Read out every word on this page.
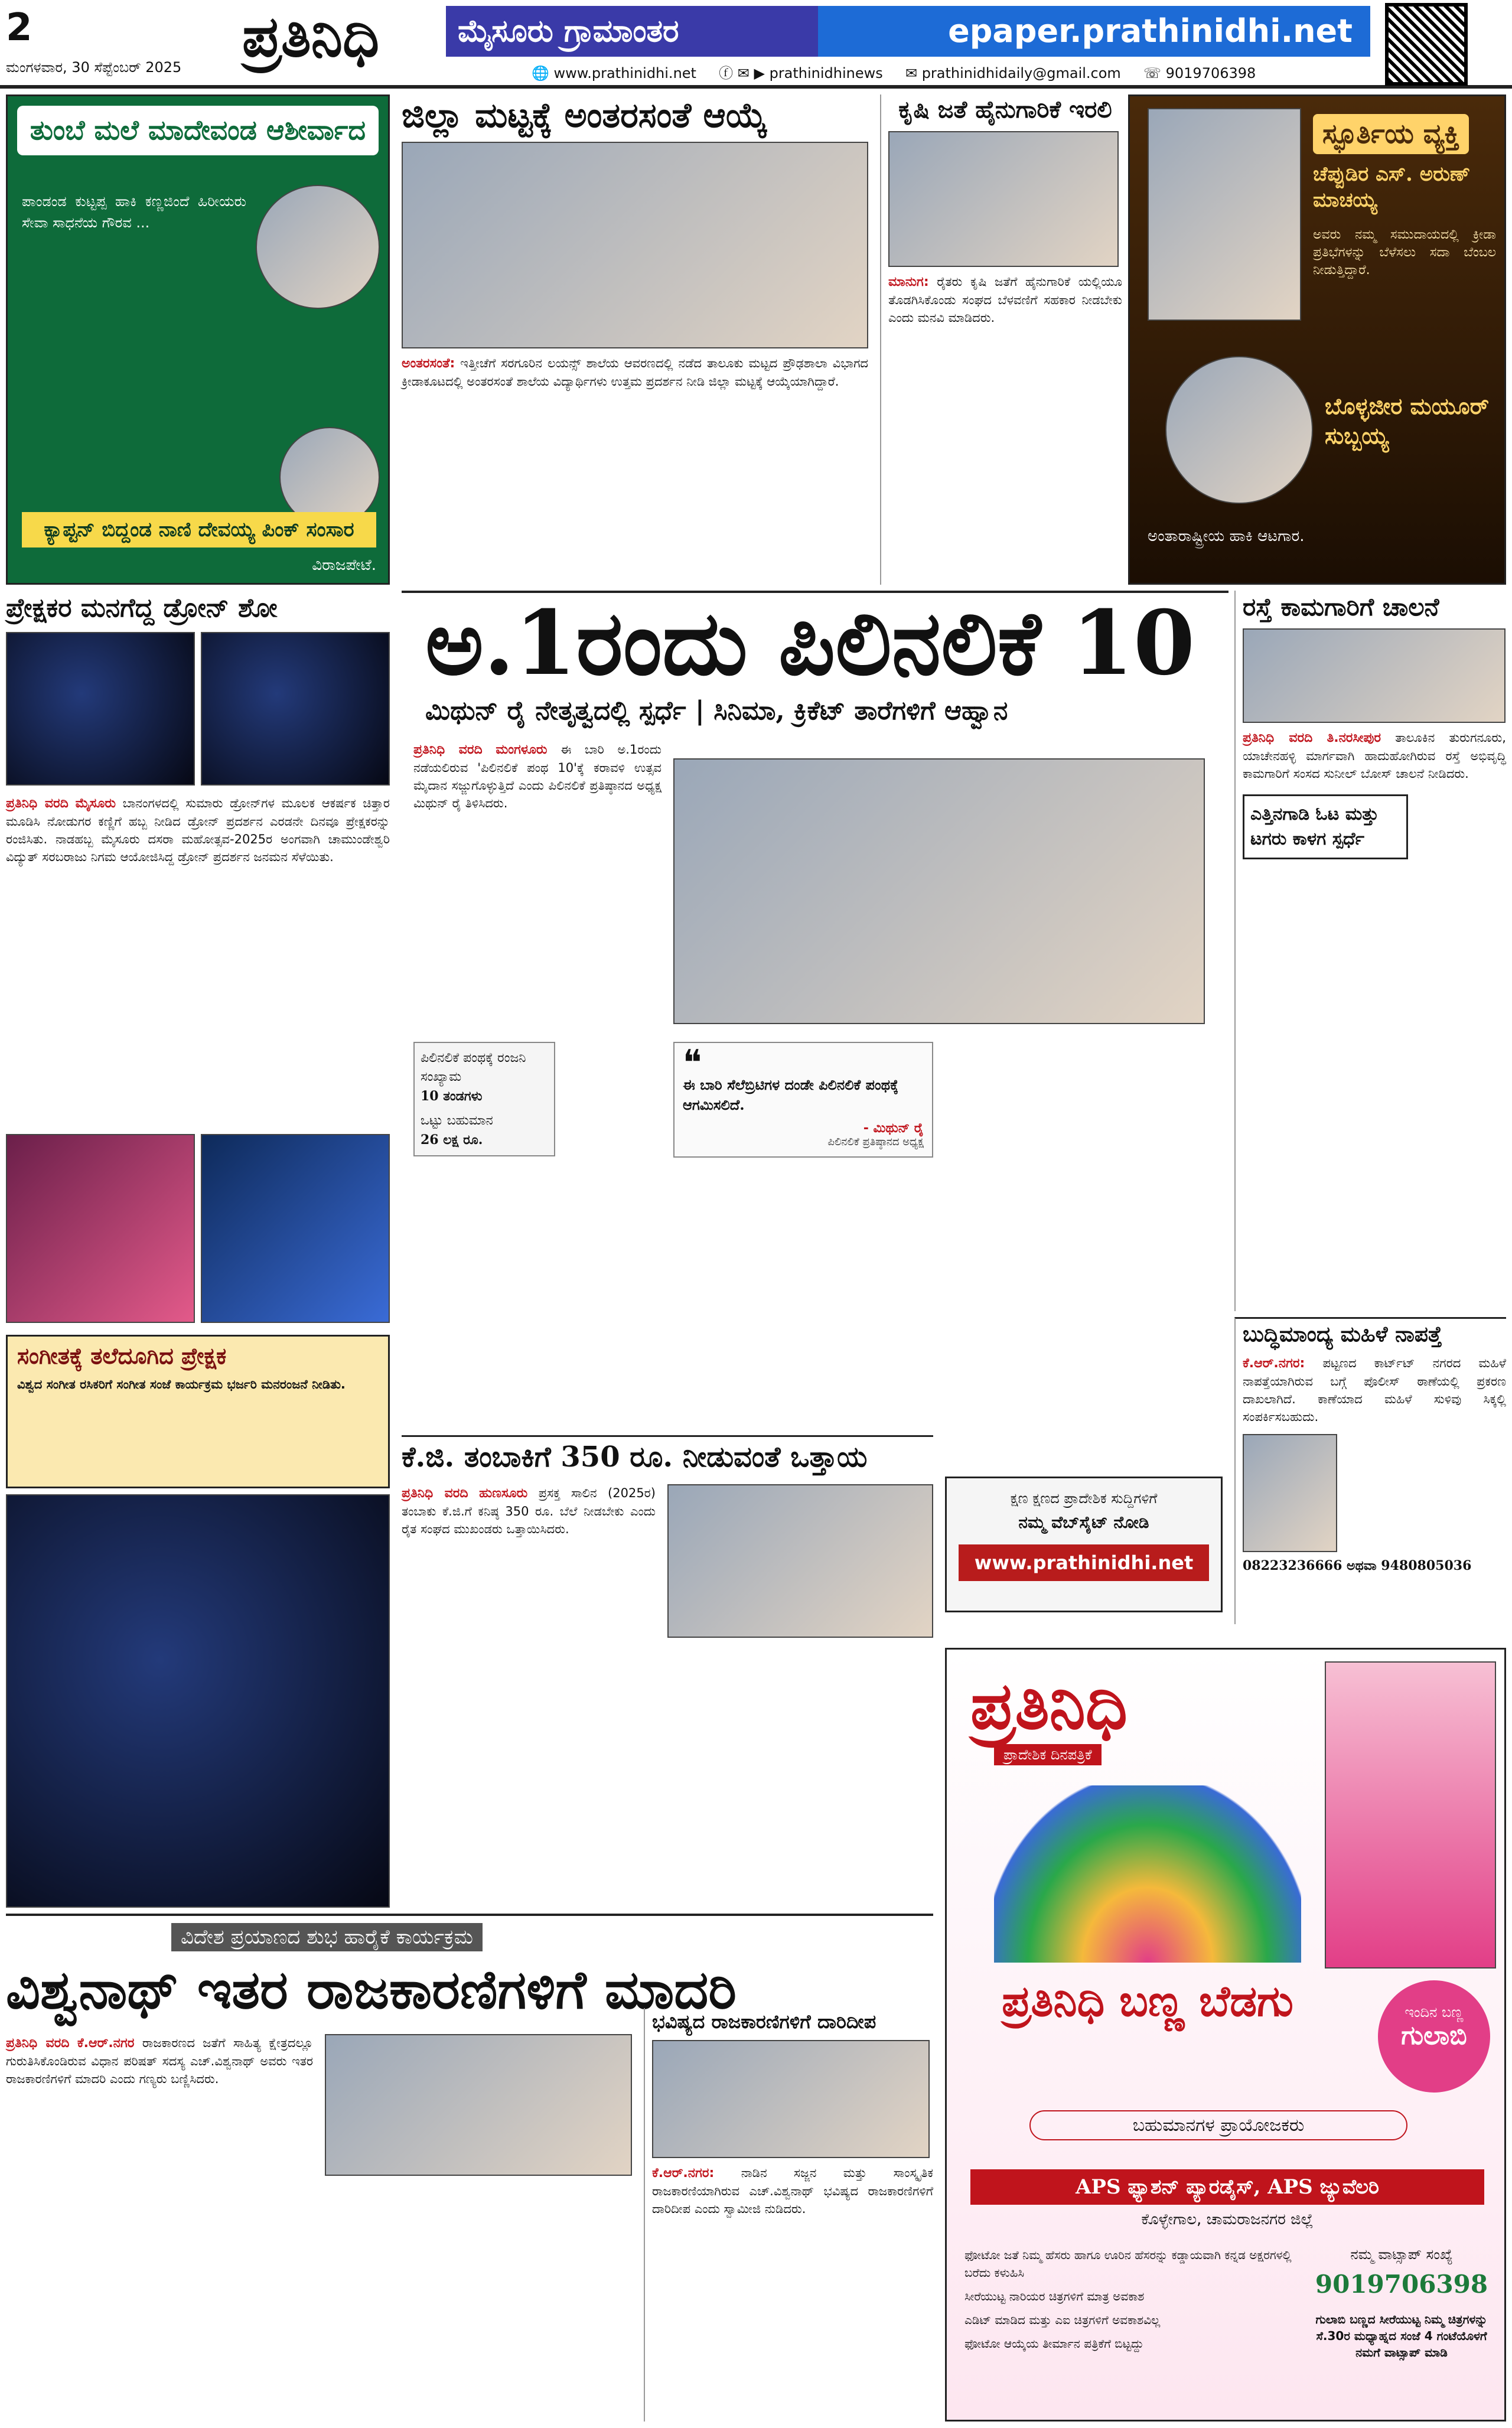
2	ಪ್ರತಿನಿಧಿ	ಮೈಸೂರು ಗ್ರಾಮಾಂತರ	epaper.prathinidhi.net
ಮಂಗಳವಾರ, 30 ಸೆಪ್ಟೆಂಬರ್ 2025	🌐 www.prathinidhi.net ⓕ ✉ ▶ prathinidhinews ✉ prathinidhidaily@gmail.com ☏ 9019706398
ತುಂಬೆ ಮಲೆ ಮಾದೇವಂಡ ಆಶೀರ್ವಾದ
ಪಾಂಡಂಡ ಕುಟ್ಟಪ್ಪ ಹಾಕಿ ಕಣ್ಣಜಿಂದೆ ಹಿರೀಯರು ಸೇವಾ ಸಾಧನೆಯ ಗೌರವ ...
ಕ್ಯಾಪ್ಟನ್ ಬಿದ್ದಂಡ ನಾಣಿ ದೇವಯ್ಯ ಪಿಂಕ್ ಸಂಸಾರ
ವಿರಾಜಪೇಟೆ.
ಜಿಲ್ಲಾ ಮಟ್ಟಕ್ಕೆ ಅಂತರಸಂತೆ ಆಯ್ಕೆ
ಅಂತರಸಂತೆ: ಇತ್ತೀಚೆಗೆ ಸರಗೂರಿನ ಲಯನ್ಸ್ ಶಾಲೆಯ ಆವರಣದಲ್ಲಿ ನಡೆದ ತಾಲೂಕು ಮಟ್ಟದ ಪ್ರೌಢಶಾಲಾ ವಿಭಾಗದ ಕ್ರೀಡಾಕೂಟದಲ್ಲಿ ಅಂತರಸಂತೆ ಶಾಲೆಯ ವಿದ್ಯಾರ್ಥಿಗಳು ಉತ್ತಮ ಪ್ರದರ್ಶನ ನೀಡಿ ಜಿಲ್ಲಾ ಮಟ್ಟಕ್ಕೆ ಆಯ್ಕೆಯಾಗಿದ್ದಾರೆ.
ಕೃಷಿ ಜತೆ ಹೈನುಗಾರಿಕೆ ಇರಲಿ
ಮಾನುಗ: ರೈತರು ಕೃಷಿ ಜತೆಗೆ ಹೈನುಗಾರಿಕೆ ಯಲ್ಲಿಯೂ ತೊಡಗಿಸಿಕೊಂಡು ಸಂಘದ ಬೆಳವಣಿಗೆ ಸಹಕಾರ ನೀಡಬೇಕು ಎಂದು ಮನವಿ ಮಾಡಿದರು.
ಸ್ಫೂರ್ತಿಯ ವ್ಯಕ್ತಿ
ಚೆಪ್ಪುಡಿರ ಎಸ್. ಅರುಣ್ ಮಾಚಯ್ಯ
ಅವರು ನಮ್ಮ ಸಮುದಾಯದಲ್ಲಿ ಕ್ರೀಡಾ ಪ್ರತಿಭೆಗಳನ್ನು ಬೆಳೆಸಲು ಸದಾ ಬೆಂಬಲ ನೀಡುತ್ತಿದ್ದಾರೆ.
ಬೊಳ್ಳಜೀರ ಮಯೂರ್ ಸುಬ್ಬಯ್ಯ
ಅಂತಾರಾಷ್ಟ್ರೀಯ ಹಾಕಿ ಆಟಗಾರ.
ಪ್ರೇಕ್ಷಕರ ಮನಗೆದ್ದ ಡ್ರೋನ್ ಶೋ
ಪ್ರತಿನಿಧಿ ವರದಿ ಮೈಸೂರು ಬಾನಂಗಳದಲ್ಲಿ ಸುಮಾರು ಡ್ರೋನ್‌ಗಳ ಮೂಲಕ ಆಕರ್ಷಕ ಚಿತ್ತಾರ ಮೂಡಿಸಿ ನೋಡುಗರ ಕಣ್ಣಿಗೆ ಹಬ್ಬ ನೀಡಿದ ಡ್ರೋನ್ ಪ್ರದರ್ಶನ ಎರಡನೇ ದಿನವೂ ಪ್ರೇಕ್ಷಕರನ್ನು ರಂಜಿಸಿತು. ನಾಡಹಬ್ಬ ಮೈಸೂರು ದಸರಾ ಮಹೋತ್ಸವ-2025ರ ಅಂಗವಾಗಿ ಚಾಮುಂಡೇಶ್ವರಿ ವಿದ್ಯುತ್ ಸರಬರಾಜು ನಿಗಮ ಆಯೋಜಿಸಿದ್ದ ಡ್ರೋನ್ ಪ್ರದರ್ಶನ ಜನಮನ ಸೆಳೆಯಿತು.
ಸಂಗೀತಕ್ಕೆ ತಲೆದೂಗಿದ ಪ್ರೇಕ್ಷಕ
ವಿಶ್ವದ ಸಂಗೀತ ರಸಿಕರಿಗೆ ಸಂಗೀತ ಸಂಜೆ ಕಾರ್ಯಕ್ರಮ ಭರ್ಜರಿ ಮನರಂಜನೆ ನೀಡಿತು.
ಅ.1ರಂದು ಪಿಲಿನಲಿಕೆ 10
ಮಿಥುನ್ ರೈ ನೇತೃತ್ವದಲ್ಲಿ ಸ್ಪರ್ಧೆ | ಸಿನಿಮಾ, ಕ್ರಿಕೆಟ್ ತಾರೆಗಳಿಗೆ ಆಹ್ವಾನ
ಪ್ರತಿನಿಧಿ ವರದಿ ಮಂಗಳೂರು ಈ ಬಾರಿ ಅ.1ರಂದು ನಡೆಯಲಿರುವ 'ಪಿಲಿನಲಿಕೆ ಪಂಥ 10'ಕ್ಕೆ ಕರಾವಳಿ ಉತ್ಸವ ಮೈದಾನ ಸಜ್ಜುಗೊಳ್ಳುತ್ತಿದೆ ಎಂದು ಪಿಲಿನಲಿಕೆ ಪ್ರತಿಷ್ಠಾನದ ಅಧ್ಯಕ್ಷ ಮಿಥುನ್ ರೈ ತಿಳಿಸಿದರು.
ಪಿಲಿನಲಿಕೆ ಪಂಥಕ್ಕೆ ರಂಜನಿ ಸಂಖ್ಯಾಮ
10 ತಂಡಗಳು
ಒಟ್ಟು ಬಹುಮಾನ
26 ಲಕ್ಷ ರೂ.
❝
ಈ ಬಾರಿ ಸೆಲೆಬ್ರಿಟಿಗಳ ದಂಡೇ ಪಿಲಿನಲಿಕೆ ಪಂಥಕ್ಕೆ ಆಗಮಿಸಲಿದೆ.
- ಮಿಥುನ್ ರೈ
ಪಿಲಿನಲಿಕೆ ಪ್ರತಿಷ್ಠಾನದ ಅಧ್ಯಕ್ಷ
ರಸ್ತೆ ಕಾಮಗಾರಿಗೆ ಚಾಲನೆ
ಪ್ರತಿನಿಧಿ ವರದಿ ತಿ.ನರಸೀಪುರ ತಾಲೂಕಿನ ತುರುಗನೂರು, ಯಾಚೇನಹಳ್ಳಿ ಮಾರ್ಗವಾಗಿ ಹಾದುಹೋಗಿರುವ ರಸ್ತೆ ಅಭಿವೃದ್ಧಿ ಕಾಮಗಾರಿಗೆ ಸಂಸದ ಸುನೀಲ್ ಬೋಸ್ ಚಾಲನೆ ನೀಡಿದರು.
ಎತ್ತಿನಗಾಡಿ ಓಟ ಮತ್ತು ಟಗರು ಕಾಳಗ ಸ್ಪರ್ಧೆ
ಬುದ್ಧಿಮಾಂದ್ಯ ಮಹಿಳೆ ನಾಪತ್ತೆ
ಕೆ.ಆರ್.ನಗರ: ಪಟ್ಟಣದ ಕಾರ್ಟ್‌ಟ್ ನಗರದ ಮಹಿಳೆ ನಾಪತ್ತೆಯಾಗಿರುವ ಬಗ್ಗೆ ಪೊಲೀಸ್ ಠಾಣೆಯಲ್ಲಿ ಪ್ರಕರಣ ದಾಖಲಾಗಿದೆ. ಕಾಣೆಯಾದ ಮಹಿಳೆ ಸುಳಿವು ಸಿಕ್ಕಲ್ಲಿ ಸಂಪರ್ಕಿಸಬಹುದು.
08223236666 ಅಥವಾ 9480805036
ಕೆ.ಜಿ. ತಂಬಾಕಿಗೆ 350 ರೂ. ನೀಡುವಂತೆ ಒತ್ತಾಯ
ಪ್ರತಿನಿಧಿ ವರದಿ ಹುಣಸೂರು ಪ್ರಸಕ್ತ ಸಾಲಿನ (2025ರ) ತಂಬಾಕು ಕೆ.ಜಿ.ಗೆ ಕನಿಷ್ಠ 350 ರೂ. ಬೆಲೆ ನೀಡಬೇಕು ಎಂದು ರೈತ ಸಂಘದ ಮುಖಂಡರು ಒತ್ತಾಯಿಸಿದರು.
ಕ್ಷಣ ಕ್ಷಣದ ಪ್ರಾದೇಶಿಕ ಸುದ್ದಿಗಳಿಗೆ
ನಮ್ಮ ವೆಬ್‌ಸೈಟ್ ನೋಡಿ
www.prathinidhi.net
ವಿದೇಶ ಪ್ರಯಾಣದ ಶುಭ ಹಾರೈಕೆ ಕಾರ್ಯಕ್ರಮ
ವಿಶ್ವನಾಥ್ ಇತರ ರಾಜಕಾರಣಿಗಳಿಗೆ ಮಾದರಿ
ಪ್ರತಿನಿಧಿ ವರದಿ ಕೆ.ಆರ್.ನಗರ ರಾಜಕಾರಣದ ಜತೆಗೆ ಸಾಹಿತ್ಯ ಕ್ಷೇತ್ರದಲ್ಲೂ ಗುರುತಿಸಿಕೊಂಡಿರುವ ವಿಧಾನ ಪರಿಷತ್ ಸದಸ್ಯ ಎಚ್.ವಿಶ್ವನಾಥ್ ಅವರು ಇತರ ರಾಜಕಾರಣಿಗಳಿಗೆ ಮಾದರಿ ಎಂದು ಗಣ್ಯರು ಬಣ್ಣಿಸಿದರು.
ಭವಿಷ್ಯದ ರಾಜಕಾರಣಿಗಳಿಗೆ ದಾರಿದೀಪ
ಕೆ.ಆರ್.ನಗರ: ನಾಡಿನ ಸಜ್ಜನ ಮತ್ತು ಸಾಂಸ್ಕೃತಿಕ ರಾಜಕಾರಣಿಯಾಗಿರುವ ಎಚ್.ವಿಶ್ವನಾಥ್ ಭವಿಷ್ಯದ ರಾಜಕಾರಣಿಗಳಿಗೆ ದಾರಿದೀಪ ಎಂದು ಸ್ವಾಮೀಜಿ ನುಡಿದರು.
ಪ್ರತಿನಿಧಿ
ಪ್ರಾದೇಶಿಕ ದಿನಪತ್ರಿಕೆ
ಪ್ರತಿನಿಧಿ ಬಣ್ಣ ಬೆಡಗು	ಇಂದಿನ ಬಣ್ಣ
ಗುಲಾಬಿ
ಬಹುಮಾನಗಳ ಪ್ರಾಯೋಜಕರು
APS ಫ್ಯಾಶನ್ ಪ್ಯಾರಡೈಸ್, APS ಜ್ಯುವೆಲರಿ
ಕೊಳ್ಳೇಗಾಲ, ಚಾಮರಾಜನಗರ ಜಿಲ್ಲೆ
ಫೋಟೋ ಜತೆ ನಿಮ್ಮ ಹೆಸರು ಹಾಗೂ ಊರಿನ ಹೆಸರನ್ನು ಕಡ್ಡಾಯವಾಗಿ ಕನ್ನಡ ಅಕ್ಷರಗಳಲ್ಲಿ ಬರೆದು ಕಳುಹಿಸಿ
ಸೀರೆಯುಟ್ಟ ನಾರಿಯರ ಚಿತ್ರಗಳಿಗೆ ಮಾತ್ರ ಅವಕಾಶ
ಎಡಿಟ್ ಮಾಡಿದ ಮತ್ತು ಎಐ ಚಿತ್ರಗಳಿಗೆ ಅವಕಾಶವಿಲ್ಲ
ಫೋಟೋ ಆಯ್ಕೆಯ ತೀರ್ಮಾನ ಪತ್ರಿಕೆಗೆ ಬಿಟ್ಟದ್ದು
ನಮ್ಮ ವಾಟ್ಸಾಪ್ ಸಂಖ್ಯೆ
9019706398
ಗುಲಾಬಿ ಬಣ್ಣದ ಸೀರೆಯುಟ್ಟ ನಿಮ್ಮ ಚಿತ್ರಗಳನ್ನು ಸೆ.30ರ ಮಧ್ಯಾಹ್ನದ ಸಂಜೆ 4 ಗಂಟೆಯೊಳಗೆ ನಮಗೆ ವಾಟ್ಸಾಪ್ ಮಾಡಿ
